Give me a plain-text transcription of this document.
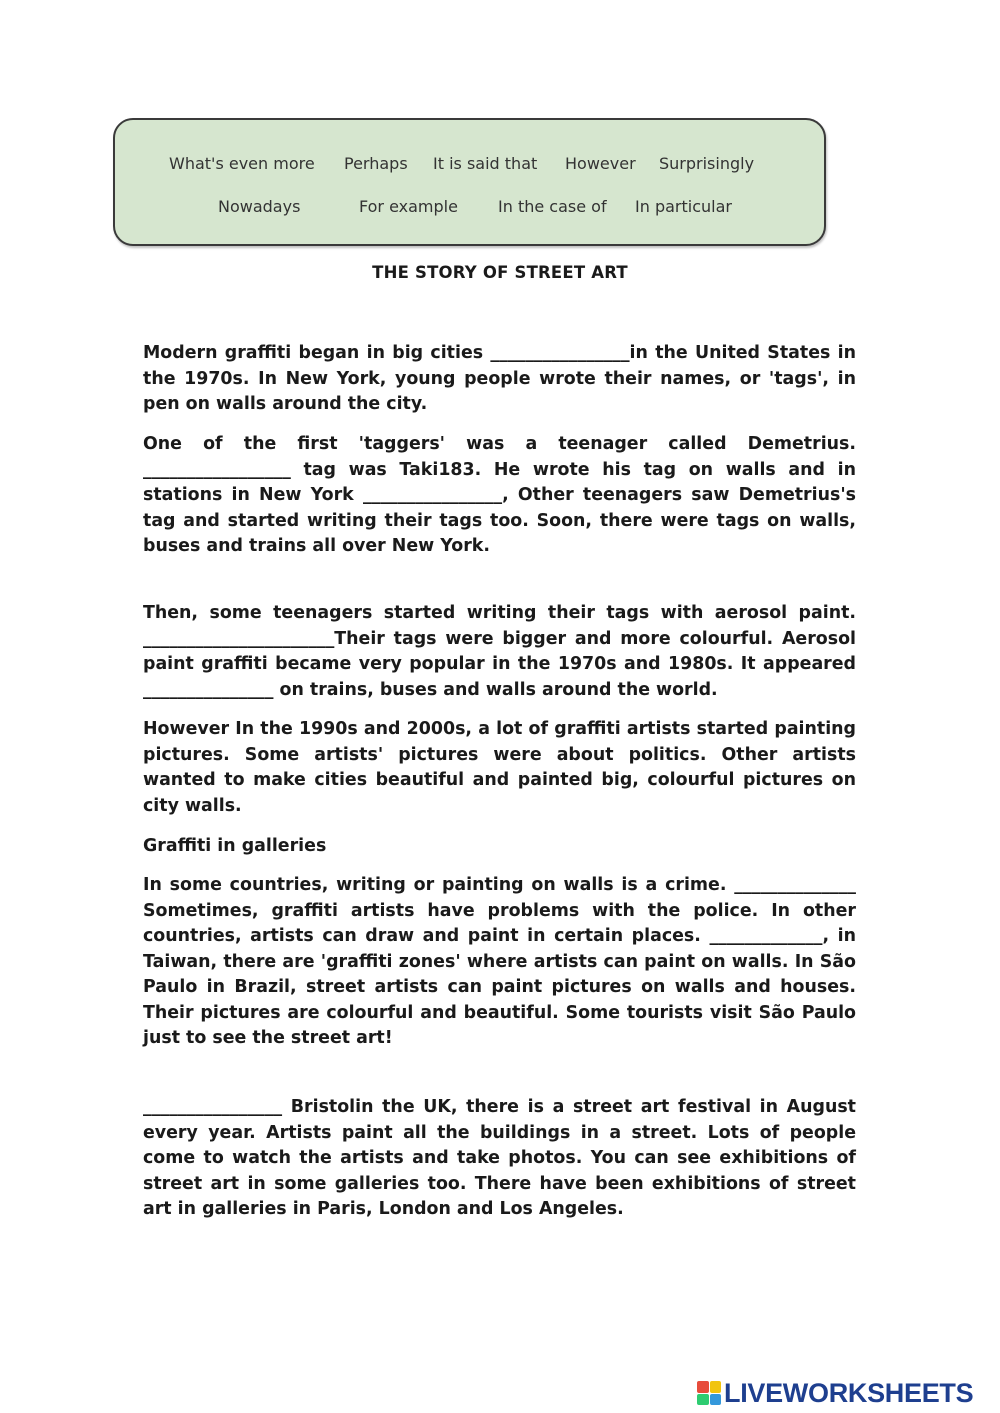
What's even more Perhaps It is said that However Surprisingly
Nowadays	For example	In the case of In particular
THE STORY OF STREET ART

Modern graffiti began in big cities ________________in the United States in the 1970s. In New York, young people wrote their names, or 'tags', in pen on walls around the city.

One of the first 'taggers' was a teenager called Demetrius. _________________ tag was Taki183. He wrote his tag on walls and in stations in New York ________________, Other teenagers saw Demetrius's tag and started writing their tags too. Soon, there were tags on walls, buses and trains all over New York.

Then, some teenagers started writing their tags with aerosol paint. ______________________Their tags were bigger and more colourful. Aerosol paint graffiti became very popular in the 1970s and 1980s. It appeared _______________ on trains, buses and walls around the world.

However In the 1990s and 2000s, a lot of graffiti artists started painting pictures. Some artists' pictures were about politics. Other artists wanted to make cities beautiful and painted big, colourful pictures on city walls.

Graffiti in galleries

In some countries, writing or painting on walls is a crime. ______________ Sometimes, graffiti artists have problems with the police. In other countries, artists can draw and paint in certain places. _____________, in Taiwan, there are 'graffiti zones' where artists can paint on walls. In São Paulo in Brazil, street artists can paint pictures on walls and houses. Their pictures are colourful and beautiful. Some tourists visit São Paulo just to see the street art!

________________ Bristolin the UK, there is a street art festival in August every year. Artists paint all the buildings in a street. Lots of people come to watch the artists and take photos. You can see exhibitions of street art in some galleries too. There have been exhibitions of street art in galleries in Paris, London and Los Angeles.

LIVEWORKSHEETS
